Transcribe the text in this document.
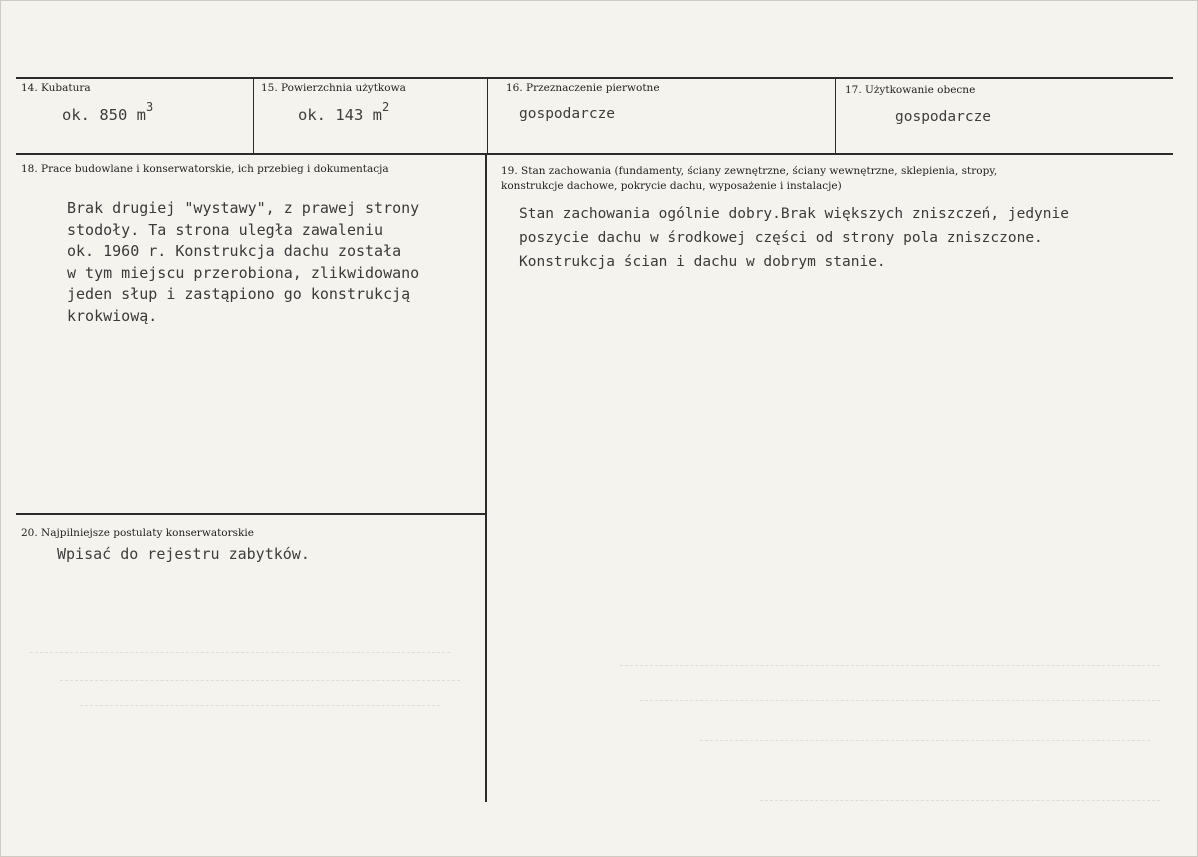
14. Kubatura
ok. 850 $m^3$
15. Powierzchnia użytkowa
ok. 143 $m^2$
16. Przeznaczenie pierwotne
gospodarcze
17. Użytkowanie obecne
gospodarcze
18. Prace budowlane i konserwatorskie, ich przebieg i dokumentacja
Brak drugiej "wystawy", z prawej strony
stodoły. Ta strona uległa zawaleniu
ok. 1960 r. Konstrukcja dachu została
w tym miejscu przerobiona, zlikwidowano
jeden słup i zastąpiono go konstrukcją
krokwiową.
19. Stan zachowania (fundamenty, ściany zewnętrzne, ściany wewnętrzne, sklepienia, stropy,
konstrukcje dachowe, pokrycie dachu, wyposażenie i instalacje)
Stan zachowania ogólnie dobry.Brak większych zniszczeń, jedynie
poszycie dachu w środkowej części od strony pola zniszczone.
Konstrukcja ścian i dachu w dobrym stanie.
20. Najpilniejsze postulaty konserwatorskie
Wpisać do rejestru zabytków.
